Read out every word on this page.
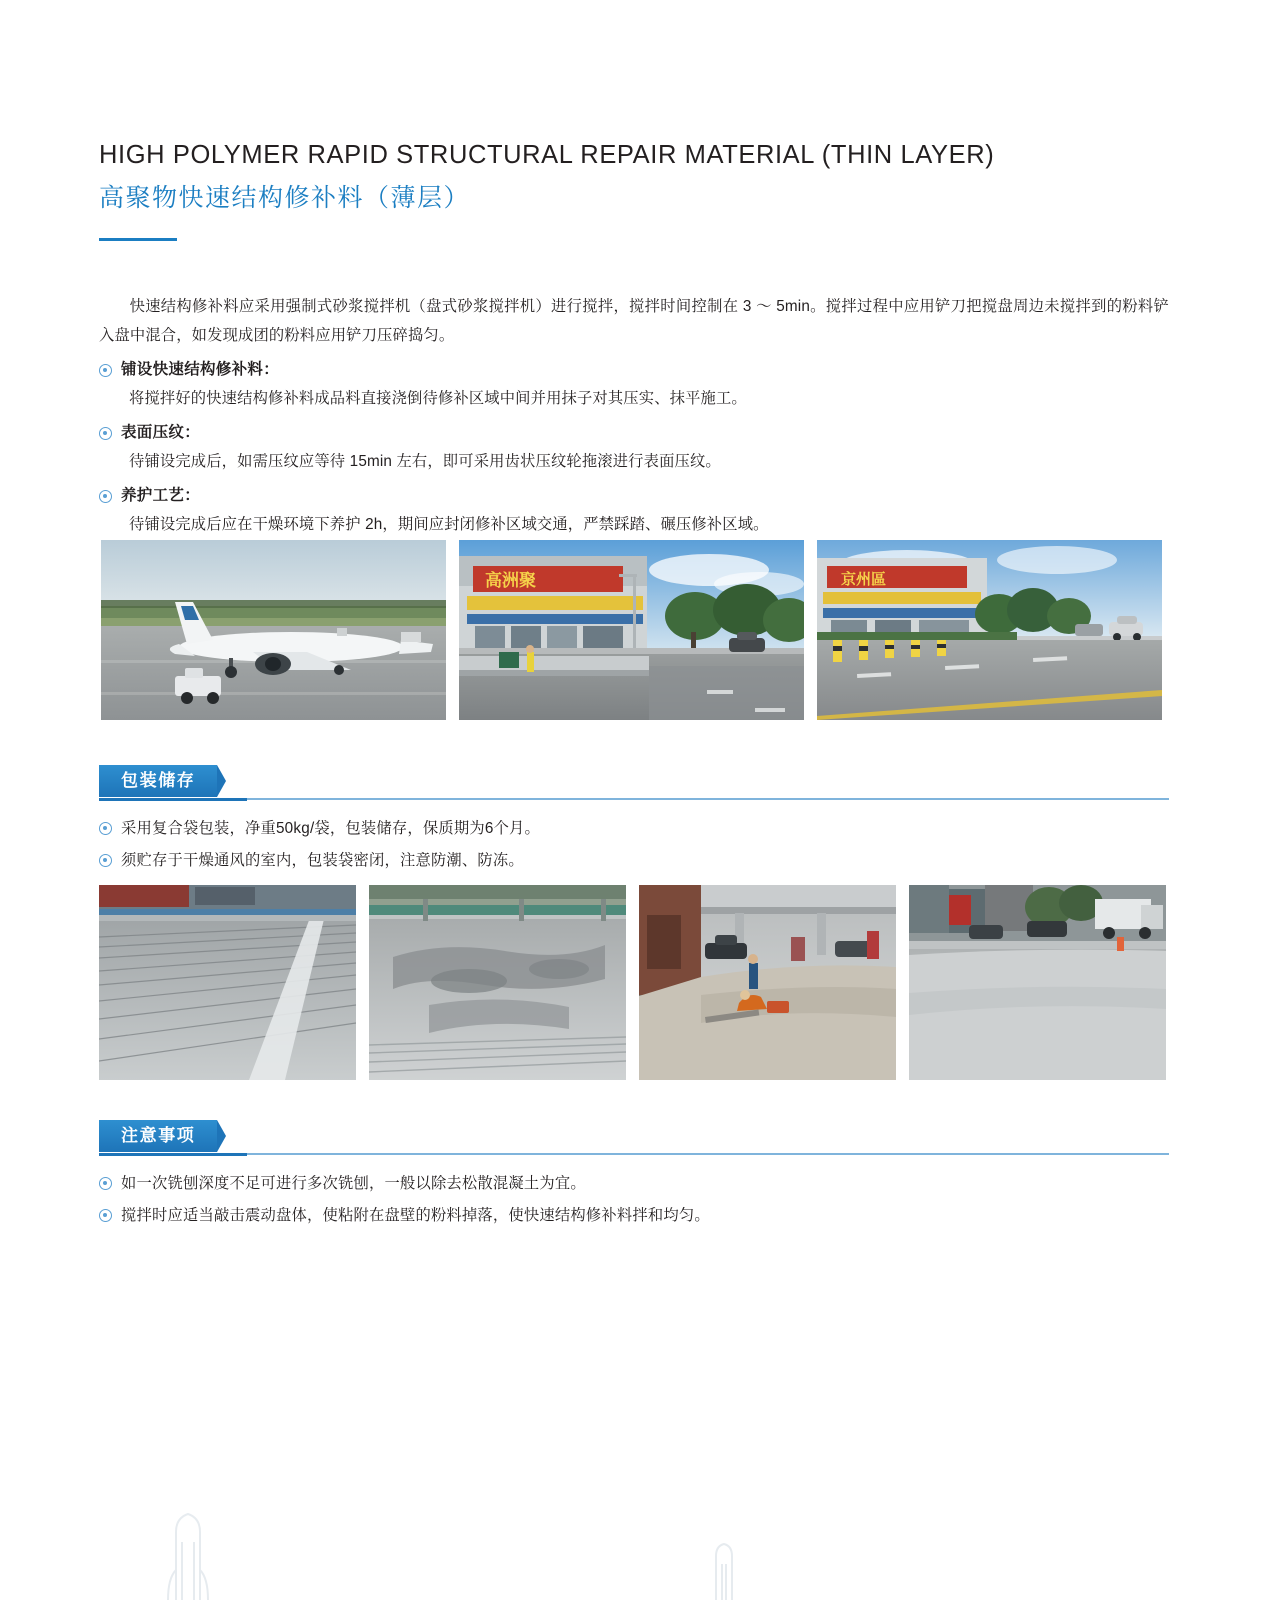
HIGH POLYMER RAPID STRUCTURAL REPAIR MATERIAL (THIN LAYER)
高聚物快速结构修补料（薄层）

快速结构修补料应采用强制式砂浆搅拌机（盘式砂浆搅拌机）进行搅拌，搅拌时间控制在 3 ～ 5min。搅拌过程中应用铲刀把搅盘周边未搅拌到的粉料铲入盘中混合，如发现成团的粉料应用铲刀压碎捣匀。

铺设快速结构修补料：

将搅拌好的快速结构修补料成品料直接浇倒待修补区域中间并用抹子对其压实、抹平施工。

表面压纹：

待铺设完成后，如需压纹应等待 15min 左右，即可采用齿状压纹轮拖滚进行表面压纹。

养护工艺：

待铺设完成后应在干燥环境下养护 2h，期间应封闭修补区域交通，严禁踩踏、碾压修补区域。

高洲聚	京州區
包装储存
采用复合袋包装，净重50kg/袋，包装储存，保质期为6个月。
须贮存于干燥通风的室内，包装袋密闭，注意防潮、防冻。
注意事项
如一次铣刨深度不足可进行多次铣刨，一般以除去松散混凝土为宜。
搅拌时应适当敲击震动盘体，使粘附在盘壁的粉料掉落，使快速结构修补料拌和均匀。
